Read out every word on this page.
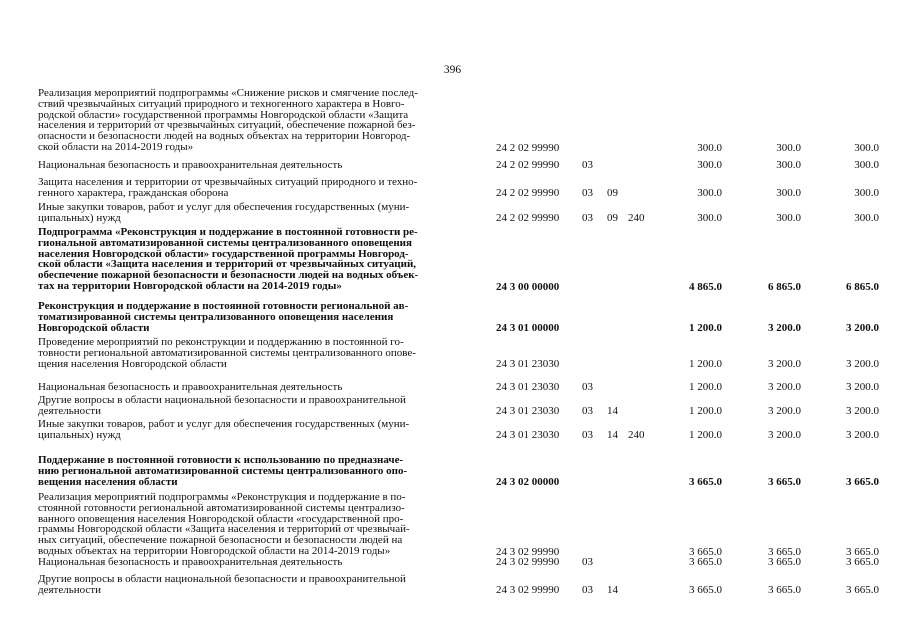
396
Реализация мероприятий подпрограммы «Снижение рисков и смягчение послед-
ствий чрезвычайных ситуаций природного и техногенного характера в Новго-
родской области» государственной программы Новгородской области «Защита
населения и территорий от чрезвычайных ситуаций, обеспечение пожарной без-
опасности и безопасности людей на водных объектах на территории Новгород-
ской области на 2014-2019 годы»	24 2 02 99990	300.0	300.0	300.0
Национальная безопасность и правоохранительная деятельность	24 2 02 99990 03	300.0	300.0	300.0
Защита населения и территории от чрезвычайных ситуаций природного и техно-
генного характера, гражданская оборона	24 2 02 99990 03 09	300.0	300.0	300.0
Иные закупки товаров, работ и услуг для обеспечения государственных (муни-
ципальных) нужд	24 2 02 99990 03 09 240	300.0	300.0	300.0
Подпрограмма «Реконструкция и поддержание в постоянной готовности ре-
гиональной автоматизированной системы централизованного оповещения
населения Новгородской области» государственной программы Новгород-
ской области «Защита населения и территорий от чрезвычайных ситуаций,
обеспечение пожарной безопасности и безопасности людей на водных объек-
тах на территории Новгородской области на 2014-2019 годы»	24 3 00 00000	4 865.0	6 865.0	6 865.0
Реконструкция и поддержание в постоянной готовности региональной ав-
томатизированной системы централизованного оповещения населения
Новгородской области	24 3 01 00000	1 200.0	3 200.0	3 200.0
Проведение мероприятий по реконструкции и поддержанию в постоянной го-
товности региональной автоматизированной системы централизованного опове-
щения населения Новгородской области	24 3 01 23030	1 200.0	3 200.0	3 200.0
Национальная безопасность и правоохранительная деятельность	24 3 01 23030 03	1 200.0	3 200.0	3 200.0
Другие вопросы в области национальной безопасности и правоохранительной
деятельности	24 3 01 23030 03 14	1 200.0	3 200.0	3 200.0
Иные закупки товаров, работ и услуг для обеспечения государственных (муни-
ципальных) нужд	24 3 01 23030 03 14 240	1 200.0	3 200.0	3 200.0
Поддержание в постоянной готовности к использованию по предназначе-
нию региональной автоматизированной системы централизованного опо-
вещения населения области	24 3 02 00000	3 665.0	3 665.0	3 665.0
Реализация мероприятий подпрограммы «Реконструкция и поддержание в по-
стоянной готовности региональной автоматизированной системы централизо-
ванного оповещения населения Новгородской области «государственной про-
граммы Новгородской области «Защита населения и территорий от чрезвычай-
ных ситуаций, обеспечение пожарной безопасности и безопасности людей на
водных объектах на территории Новгородской области на 2014-2019 годы»	24 3 02 99990	3 665.0	3 665.0	3 665.0
Национальная безопасность и правоохранительная деятельность	24 3 02 99990 03	3 665.0	3 665.0	3 665.0
Другие вопросы в области национальной безопасности и правоохранительной
деятельности	24 3 02 99990 03 14	3 665.0	3 665.0	3 665.0
